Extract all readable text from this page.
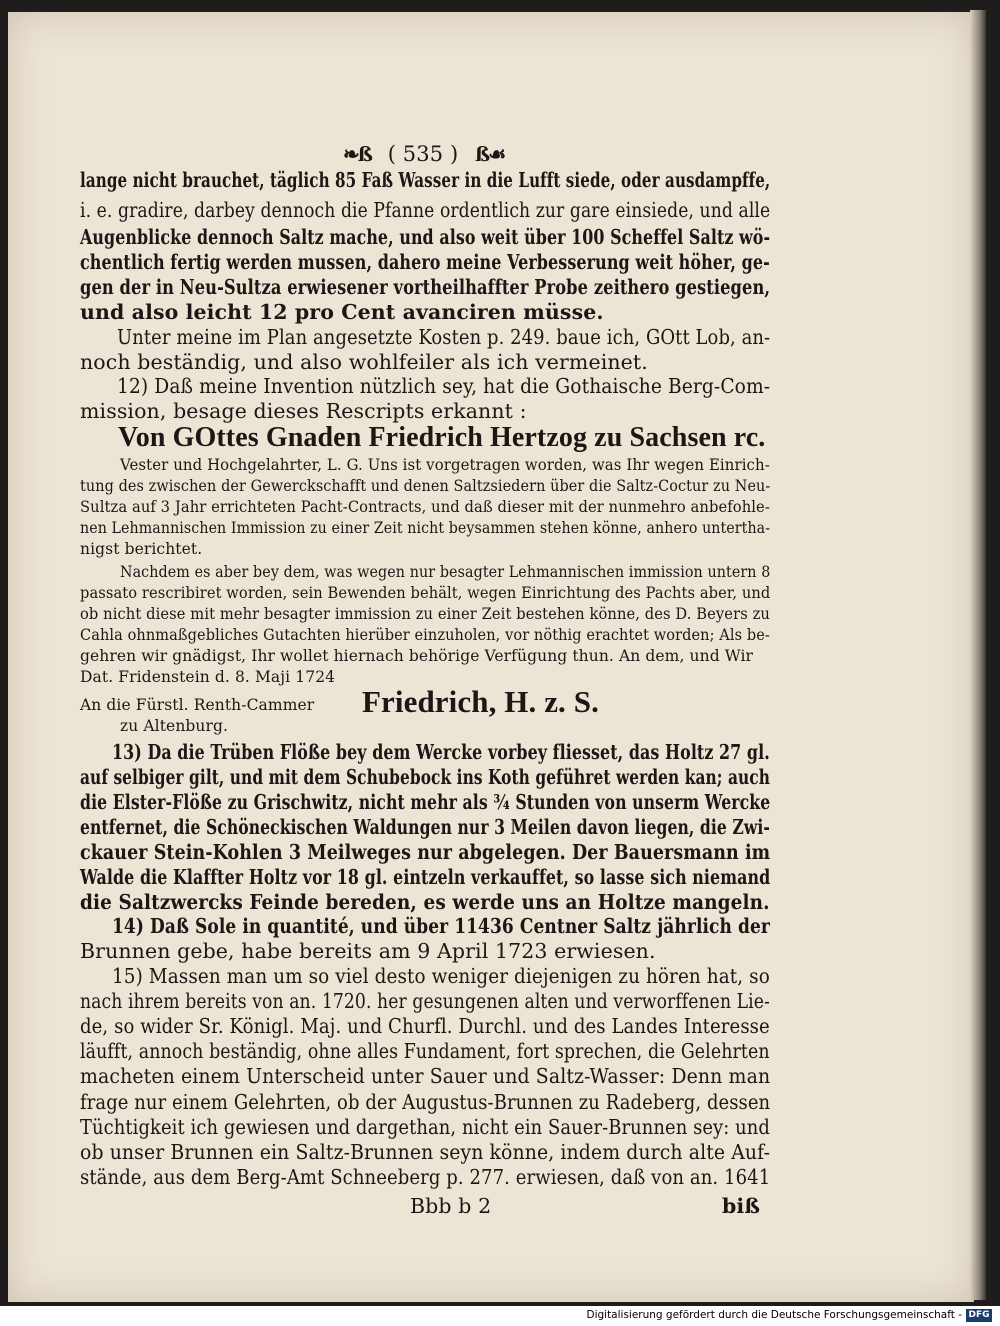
❧ß ( 535 ) ß☙
lange nicht brauchet, täglich 85 Faß Wasser in die Lufft siede, oder ausdampffe,
i. e. gradire, darbey dennoch die Pfanne ordentlich zur gare einsiede, und alle
Augenblicke dennoch Saltz mache, und also weit über 100 Scheffel Saltz wö-
chentlich fertig werden mussen, dahero meine Verbesserung weit höher, ge-
gen der in Neu-Sultza erwiesener vortheilhaffter Probe zeithero gestiegen,
und also leicht 12 pro Cent avanciren müsse.
Unter meine im Plan angesetzte Kosten p. 249. baue ich, GOtt Lob, an-
noch beständig, und also wohlfeiler als ich vermeinet.
12) Daß meine Invention nützlich sey, hat die Gothaische Berg-Com-
mission, besage dieses Rescripts erkannt :
Von GOttes Gnaden Friedrich Hertzog zu Sachsen rc.
Vester und Hochgelahrter, L. G. Uns ist vorgetragen worden, was Ihr wegen Einrich-
tung des zwischen der Gewerckschafft und denen Saltzsiedern über die Saltz-Coctur zu Neu-
Sultza auf 3 Jahr errichteten Pacht-Contracts, und daß dieser mit der nunmehro anbefohle-
nen Lehmannischen Immission zu einer Zeit nicht beysammen stehen könne, anhero untertha-
nigst berichtet.
Nachdem es aber bey dem, was wegen nur besagter Lehmannischen immission untern 8
passato rescribiret worden, sein Bewenden behält, wegen Einrichtung des Pachts aber, und
ob nicht diese mit mehr besagter immission zu einer Zeit bestehen könne, des D. Beyers zu
Cahla ohnmaßgebliches Gutachten hierüber einzuholen, vor nöthig erachtet worden; Als be-
gehren wir gnädigst, Ihr wollet hiernach behörige Verfügung thun. An dem, und Wir
Dat. Fridenstein d. 8. Maji 1724
An die Fürstl. Renth-Cammer
zu Altenburg.
Friedrich, H. z. S.
13) Da die Trüben Flöße bey dem Wercke vorbey fliesset, das Holtz 27 gl.
auf selbiger gilt, und mit dem Schubebock ins Koth geführet werden kan; auch
die Elster-Flöße zu Grischwitz, nicht mehr als ¾ Stunden von unserm Wercke
entfernet, die Schöneckischen Waldungen nur 3 Meilen davon liegen, die Zwi-
ckauer Stein-Kohlen 3 Meilweges nur abgelegen. Der Bauersmann im
Walde die Klaffter Holtz vor 18 gl. eintzeln verkauffet, so lasse sich niemand
die Saltzwercks Feinde bereden, es werde uns an Holtze mangeln.
14) Daß Sole in quantité, und über 11436 Centner Saltz jährlich der
Brunnen gebe, habe bereits am 9 April 1723 erwiesen.
15) Massen man um so viel desto weniger diejenigen zu hören hat, so
nach ihrem bereits von an. 1720. her gesungenen alten und verworffenen Lie-
de, so wider Sr. Königl. Maj. und Churfl. Durchl. und des Landes Interesse
läufft, annoch beständig, ohne alles Fundament, fort sprechen, die Gelehrten
macheten einem Unterscheid unter Sauer und Saltz-Wasser: Denn man
frage nur einem Gelehrten, ob der Augustus-Brunnen zu Radeberg, dessen
Tüchtigkeit ich gewiesen und dargethan, nicht ein Sauer-Brunnen sey: und
ob unser Brunnen ein Saltz-Brunnen seyn könne, indem durch alte Auf-
stände, aus dem Berg-Amt Schneeberg p. 277. erwiesen, daß von an. 1641
Bbb b 2	biß
Digitalisierung gefördert durch die Deutsche Forschungsgemeinschaft - DFG
